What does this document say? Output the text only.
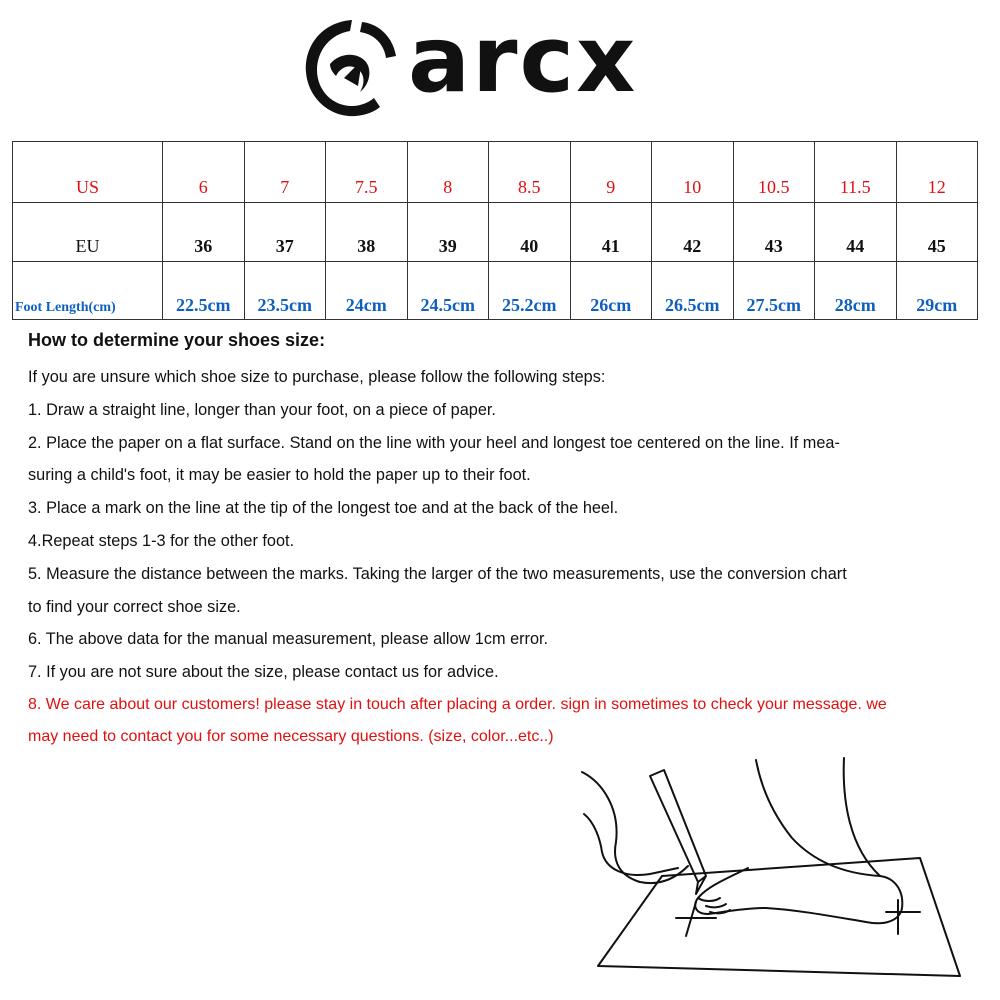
arcx
US	6	7	7.5	8	8.5	9	10	10.5	11.5	12
EU	36	37	38	39	40	41	42	43	44	45
Foot Length(cm)	22.5cm	23.5cm	24cm	24.5cm	25.2cm	26cm	26.5cm	27.5cm	28cm	29cm
How to determine your shoes size:

If you are unsure which shoe size to purchase, please follow the following steps:

1. Draw a straight line, longer than your foot, on a piece of paper.

2. Place the paper on a flat surface. Stand on the line with your heel and longest toe centered on the line. If mea-

suring a child's foot, it may be easier to hold the paper up to their foot.

3. Place a mark on the line at the tip of the longest toe and at the back of the heel.

4.Repeat steps 1-3 for the other foot.

5. Measure the distance between the marks. Taking the larger of the two measurements, use the conversion chart

to find your correct shoe size.

6. The above data for the manual measurement, please allow 1cm error.

7. If you are not sure about the size, please contact us for advice.

8. We care about our customers! please stay in touch after placing a order. sign in sometimes to check your message. we

may need to contact you for some necessary questions. (size, color...etc..)
